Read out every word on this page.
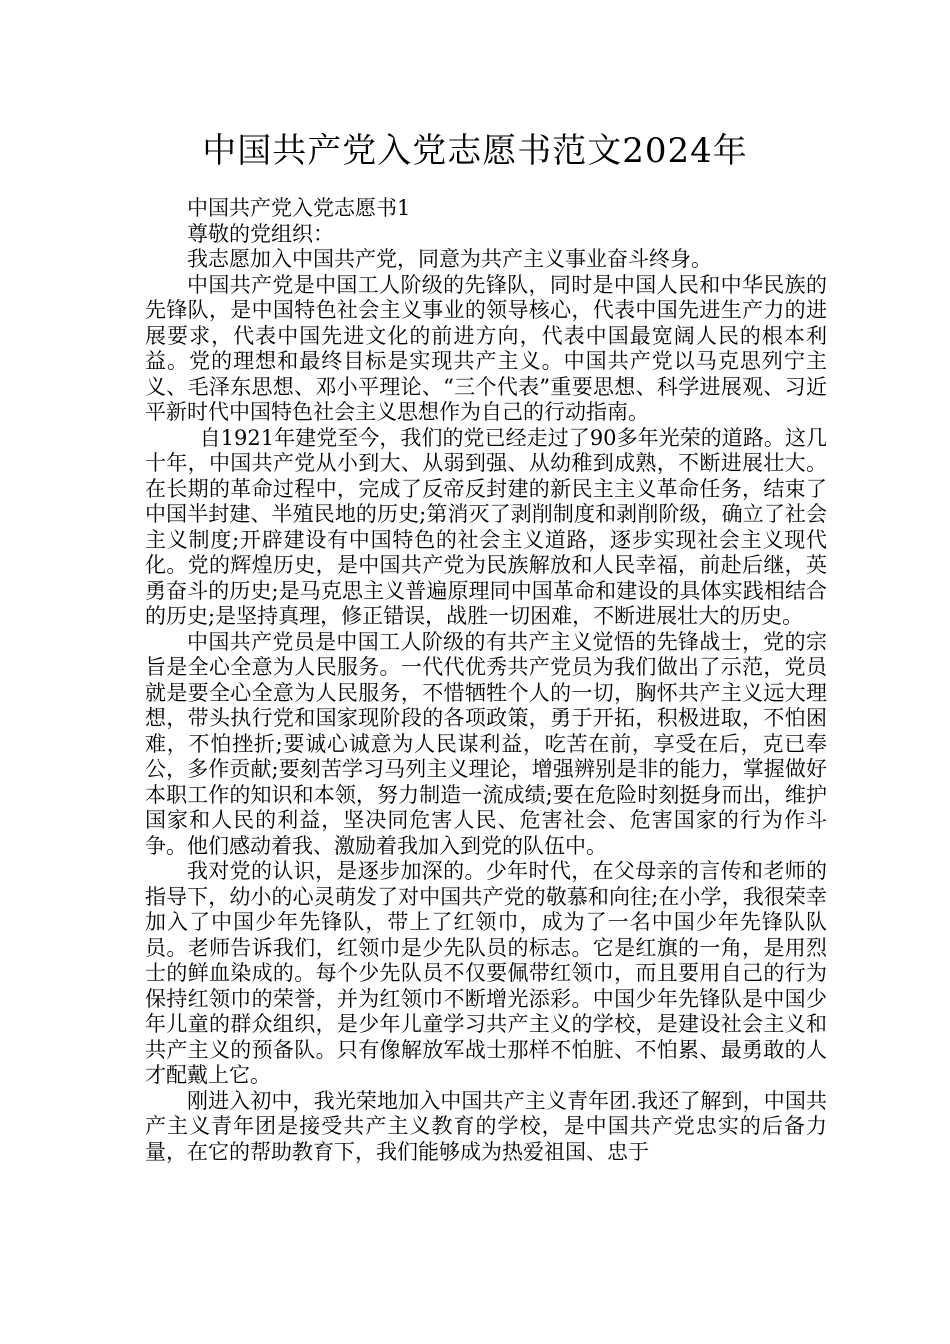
中国共产党入党志愿书范文2024年

中国共产党入党志愿书1

尊敬的党组织：

我志愿加入中国共产党，同意为共产主义事业奋斗终身。

中国共产党是中国工人阶级的先锋队，同时是中国人民和中华民族的先锋队，是中国特色社会主义事业的领导核心，代表中国先进生产力的进展要求，代表中国先进文化的前进方向，代表中国最宽阔人民的根本利益。党的理想和最终目标是实现共产主义。中国共产党以马克思列宁主义、毛泽东思想、邓小平理论、“三个代表”重要思想、科学进展观、习近平新时代中国特色社会主义思想作为自己的行动指南。

自1921年建党至今，我们的党已经走过了90多年光荣的道路。这几十年，中国共产党从小到大、从弱到强、从幼稚到成熟，不断进展壮大。在长期的革命过程中，完成了反帝反封建的新民主主义革命任务，结束了中国半封建、半殖民地的历史;第消灭了剥削制度和剥削阶级，确立了社会主义制度;开辟建设有中国特色的社会主义道路，逐步实现社会主义现代化。党的辉煌历史，是中国共产党为民族解放和人民幸福，前赴后继，英勇奋斗的历史;是马克思主义普遍原理同中国革命和建设的具体实践相结合的历史;是坚持真理，修正错误，战胜一切困难，不断进展壮大的历史。

中国共产党员是中国工人阶级的有共产主义觉悟的先锋战士，党的宗旨是全心全意为人民服务。一代代优秀共产党员为我们做出了示范，党员就是要全心全意为人民服务，不惜牺牲个人的一切，胸怀共产主义远大理想，带头执行党和国家现阶段的各项政策，勇于开拓，积极进取，不怕困难，不怕挫折;要诚心诚意为人民谋利益，吃苦在前，享受在后，克已奉公，多作贡献;要刻苦学习马列主义理论，增强辨别是非的能力，掌握做好本职工作的知识和本领，努力制造一流成绩;要在危险时刻挺身而出，维护国家和人民的利益，坚决同危害人民、危害社会、危害国家的行为作斗争。他们感动着我、激励着我加入到党的队伍中。

我对党的认识，是逐步加深的。少年时代，在父母亲的言传和老师的指导下，幼小的心灵萌发了对中国共产党的敬慕和向往;在小学，我很荣幸加入了中国少年先锋队，带上了红领巾，成为了一名中国少年先锋队队员。老师告诉我们，红领巾是少先队员的标志。它是红旗的一角，是用烈士的鲜血染成的。每个少先队员不仅要佩带红领巾，而且要用自己的行为保持红领巾的荣誉，并为红领巾不断增光添彩。中国少年先锋队是中国少年儿童的群众组织，是少年儿童学习共产主义的学校，是建设社会主义和共产主义的预备队。只有像解放军战士那样不怕脏、不怕累、最勇敢的人才配戴上它。

刚进入初中，我光荣地加入中国共产主义青年团.我还了解到，中国共产主义青年团是接受共产主义教育的学校，是中国共产党忠实的后备力量，在它的帮助教育下，我们能够成为热爱祖国、忠于
